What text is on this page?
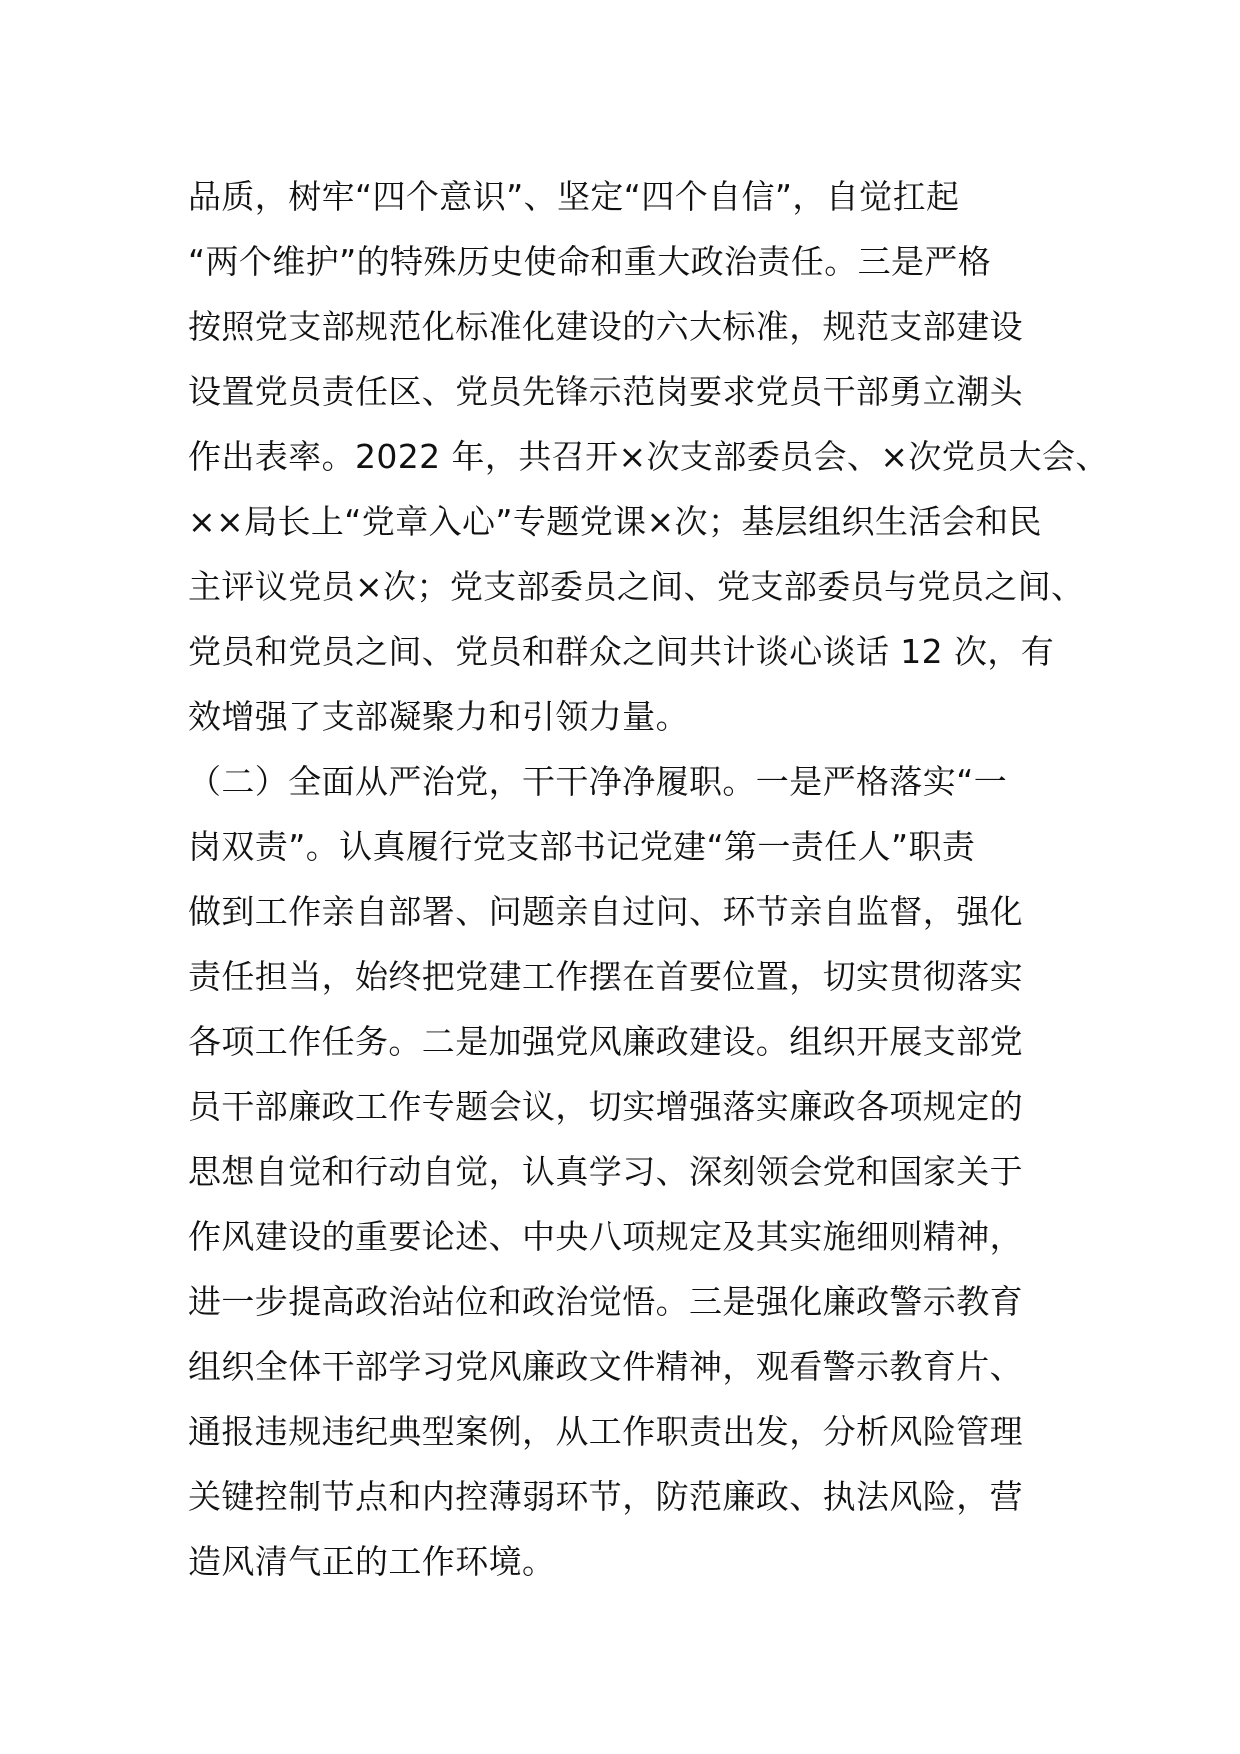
品质，树牢“四个意识”、坚定“四个自信”，自觉扛起
“两个维护”的特殊历史使命和重大政治责任。三是严格
按照党支部规范化标准化建设的六大标准，规范支部建设
设置党员责任区、党员先锋示范岗要求党员干部勇立潮头
作出表率。2022 年，共召开×次支部委员会、×次党员大会、
××局长上“党章入心”专题党课×次；基层组织生活会和民
主评议党员×次；党支部委员之间、党支部委员与党员之间、
党员和党员之间、党员和群众之间共计谈心谈话 12 次，有
效增强了支部凝聚力和引领力量。
（二）全面从严治党，干干净净履职。一是严格落实“一
岗双责”。认真履行党支部书记党建“第一责任人”职责
做到工作亲自部署、问题亲自过问、环节亲自监督，强化
责任担当，始终把党建工作摆在首要位置，切实贯彻落实
各项工作任务。二是加强党风廉政建设。组织开展支部党
员干部廉政工作专题会议，切实增强落实廉政各项规定的
思想自觉和行动自觉，认真学习、深刻领会党和国家关于
作风建设的重要论述、中央八项规定及其实施细则精神，
进一步提高政治站位和政治觉悟。三是强化廉政警示教育
组织全体干部学习党风廉政文件精神，观看警示教育片、
通报违规违纪典型案例，从工作职责出发，分析风险管理
关键控制节点和内控薄弱环节，防范廉政、执法风险，营
造风清气正的工作环境。
